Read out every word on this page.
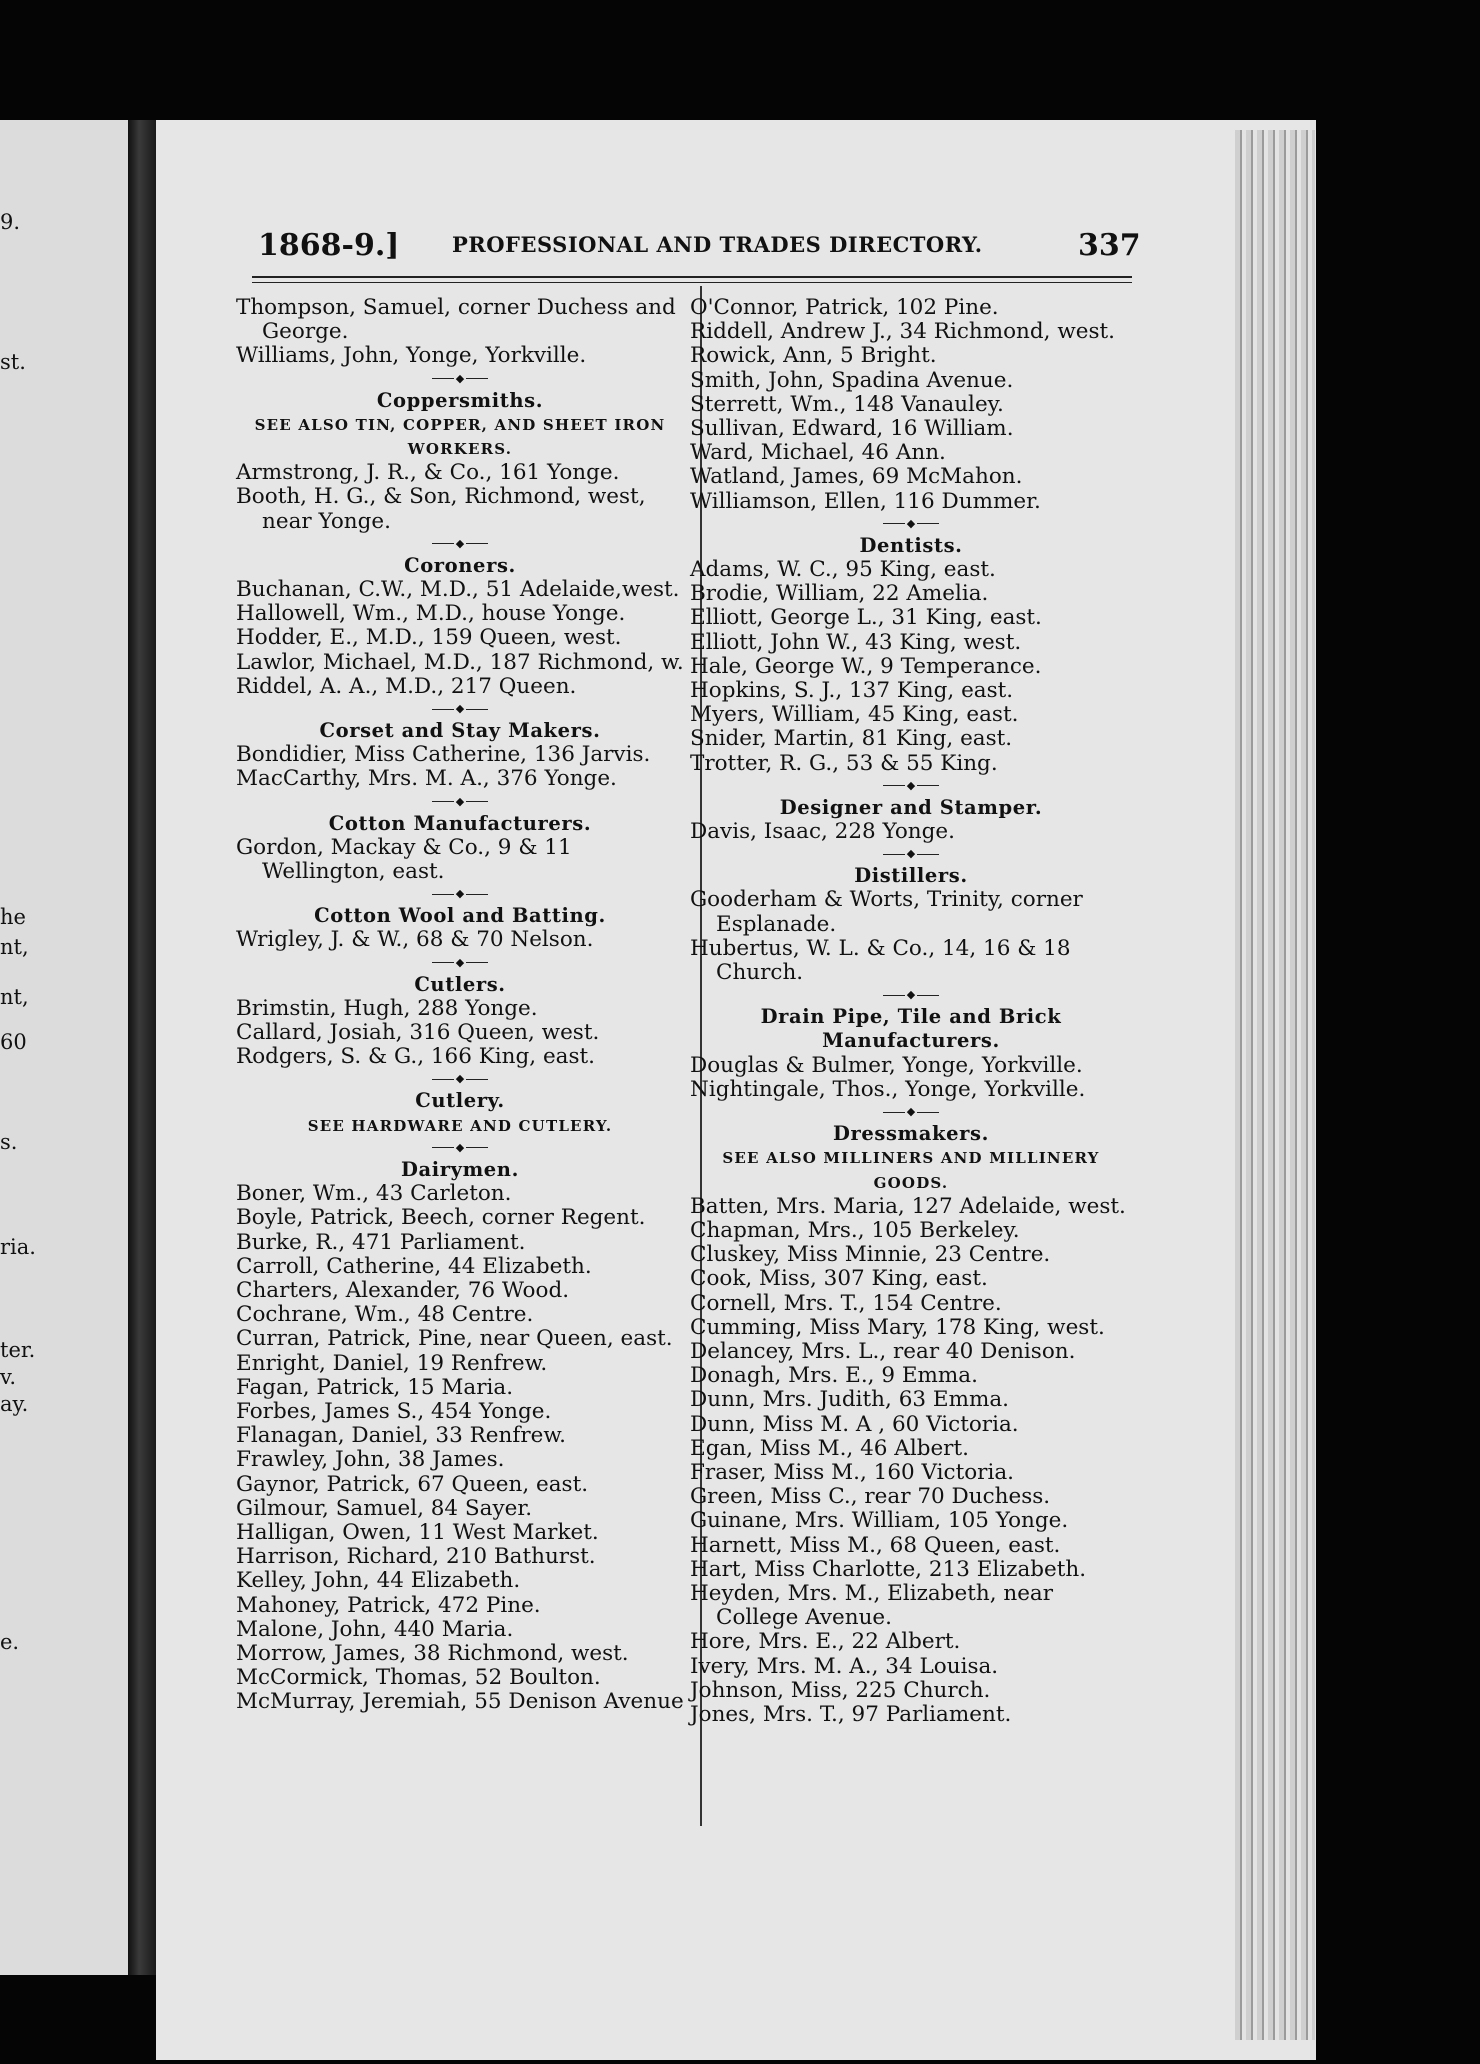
9.
st.
he
nt,
nt,
60
s.
ria.
ter.
v.
ay.
e.
1868-9.]	PROFESSIONAL AND TRADES DIRECTORY.	337
Thompson, Samuel, corner Duchess and George.
Williams, John, Yonge, Yorkville.
◆
Coppersmiths.
SEE ALSO TIN, COPPER, AND SHEET IRON WORKERS.
Armstrong, J. R., & Co., 161 Yonge.
Booth, H. G., & Son, Richmond, west, near Yonge.
◆
Coroners.
Buchanan, C.W., M.D., 51 Adelaide,west.
Hallowell, Wm., M.D., house Yonge.
Hodder, E., M.D., 159 Queen, west.
Lawlor, Michael, M.D., 187 Richmond, w.
Riddel, A. A., M.D., 217 Queen.
◆
Corset and Stay Makers.
Bondidier, Miss Catherine, 136 Jarvis.
MacCarthy, Mrs. M. A., 376 Yonge.
◆
Cotton Manufacturers.
Gordon, Mackay & Co., 9 & 11 Wellington, east.
◆
Cotton Wool and Batting.
Wrigley, J. & W., 68 & 70 Nelson.
◆
Cutlers.
Brimstin, Hugh, 288 Yonge.
Callard, Josiah, 316 Queen, west.
Rodgers, S. & G., 166 King, east.
◆
Cutlery.
SEE HARDWARE AND CUTLERY.
◆
Dairymen.
Boner, Wm., 43 Carleton.
Boyle, Patrick, Beech, corner Regent.
Burke, R., 471 Parliament.
Carroll, Catherine, 44 Elizabeth.
Charters, Alexander, 76 Wood.
Cochrane, Wm., 48 Centre.
Curran, Patrick, Pine, near Queen, east.
Enright, Daniel, 19 Renfrew.
Fagan, Patrick, 15 Maria.
Forbes, James S., 454 Yonge.
Flanagan, Daniel, 33 Renfrew.
Frawley, John, 38 James.
Gaynor, Patrick, 67 Queen, east.
Gilmour, Samuel, 84 Sayer.
Halligan, Owen, 11 West Market.
Harrison, Richard, 210 Bathurst.
Kelley, John, 44 Elizabeth.
Mahoney, Patrick, 472 Pine.
Malone, John, 440 Maria.
Morrow, James, 38 Richmond, west.
McCormick, Thomas, 52 Boulton.
McMurray, Jeremiah, 55 Denison Avenue
O'Connor, Patrick, 102 Pine.
Riddell, Andrew J., 34 Richmond, west.
Rowick, Ann, 5 Bright.
Smith, John, Spadina Avenue.
Sterrett, Wm., 148 Vanauley.
Sullivan, Edward, 16 William.
Ward, Michael, 46 Ann.
Watland, James, 69 McMahon.
Williamson, Ellen, 116 Dummer.
◆
Dentists.
Adams, W. C., 95 King, east.
Brodie, William, 22 Amelia.
Elliott, George L., 31 King, east.
Elliott, John W., 43 King, west.
Hale, George W., 9 Temperance.
Hopkins, S. J., 137 King, east.
Myers, William, 45 King, east.
Snider, Martin, 81 King, east.
Trotter, R. G., 53 & 55 King.
◆
Designer and Stamper.
Davis, Isaac, 228 Yonge.
◆
Distillers.
Gooderham & Worts, Trinity, corner Esplanade.
Hubertus, W. L. & Co., 14, 16 & 18 Church.
◆
Drain Pipe, Tile and Brick Manufacturers.
Douglas & Bulmer, Yonge, Yorkville.
Nightingale, Thos., Yonge, Yorkville.
◆
Dressmakers.
SEE ALSO MILLINERS AND MILLINERY GOODS.
Batten, Mrs. Maria, 127 Adelaide, west.
Chapman, Mrs., 105 Berkeley.
Cluskey, Miss Minnie, 23 Centre.
Cook, Miss, 307 King, east.
Cornell, Mrs. T., 154 Centre.
Cumming, Miss Mary, 178 King, west.
Delancey, Mrs. L., rear 40 Denison.
Donagh, Mrs. E., 9 Emma.
Dunn, Mrs. Judith, 63 Emma.
Dunn, Miss M. A , 60 Victoria.
Egan, Miss M., 46 Albert.
Fraser, Miss M., 160 Victoria.
Green, Miss C., rear 70 Duchess.
Guinane, Mrs. William, 105 Yonge.
Harnett, Miss M., 68 Queen, east.
Hart, Miss Charlotte, 213 Elizabeth.
Heyden, Mrs. M., Elizabeth, near College Avenue.
Hore, Mrs. E., 22 Albert.
Ivery, Mrs. M. A., 34 Louisa.
Johnson, Miss, 225 Church.
Jones, Mrs. T., 97 Parliament.
